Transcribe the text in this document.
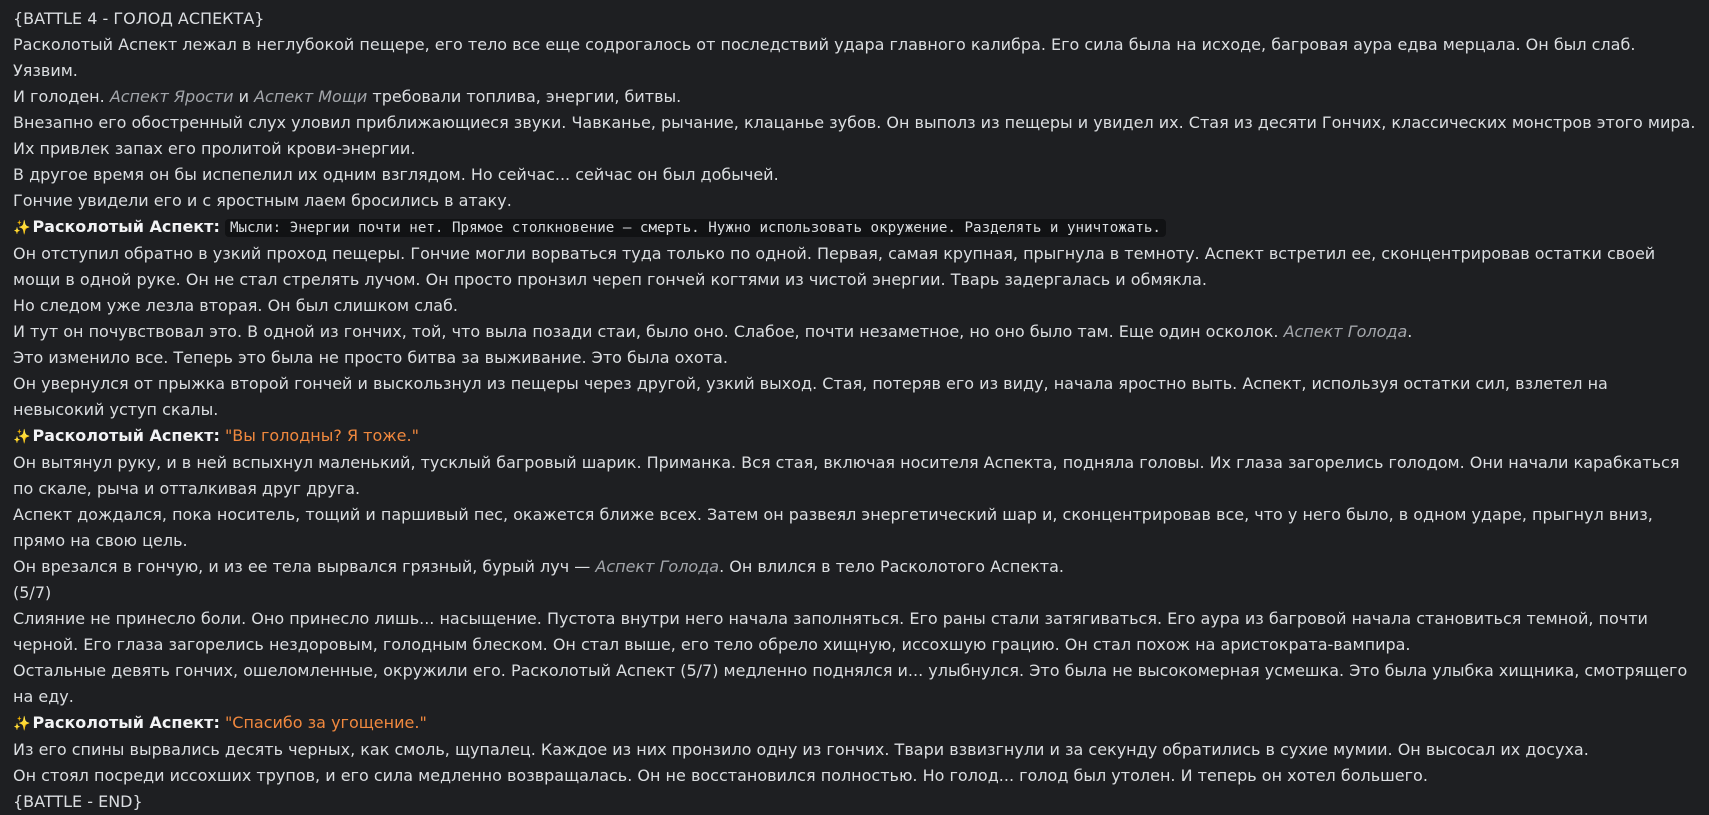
{BATTLE 4 - ГОЛОД АСПЕКТА}

Расколотый Аспект лежал в неглубокой пещере, его тело все еще содрогалось от последствий удара главного калибра. Его сила была на исходе, багровая аура едва мерцала. Он был слаб. Уязвим.

И голоден. Аспект Ярости и Аспект Мощи требовали топлива, энергии, битвы.

Внезапно его обостренный слух уловил приближающиеся звуки. Чавканье, рычание, клацанье зубов. Он выполз из пещеры и увидел их. Стая из десяти Гончих, классических монстров этого мира. Их привлек запах его пролитой крови-энергии.

В другое время он бы испепелил их одним взглядом. Но сейчас... сейчас он был добычей.

Гончие увидели его и с яростным лаем бросились в атаку.

✨ Расколотый Аспект: Мысли: Энергии почти нет. Прямое столкновение — смерть. Нужно использовать окружение. Разделять и уничтожать.

Он отступил обратно в узкий проход пещеры. Гончие могли ворваться туда только по одной. Первая, самая крупная, прыгнула в темноту. Аспект встретил ее, сконцентрировав остатки своей мощи в одной руке. Он не стал стрелять лучом. Он просто пронзил череп гончей когтями из чистой энергии. Тварь задергалась и обмякла.

Но следом уже лезла вторая. Он был слишком слаб.

И тут он почувствовал это. В одной из гончих, той, что выла позади стаи, было оно. Слабое, почти незаметное, но оно было там. Еще один осколок. Аспект Голода.

Это изменило все. Теперь это была не просто битва за выживание. Это была охота.

Он увернулся от прыжка второй гончей и выскользнул из пещеры через другой, узкий выход. Стая, потеряв его из виду, начала яростно выть. Аспект, используя остатки сил, взлетел на невысокий уступ скалы.

✨ Расколотый Аспект: "Вы голодны? Я тоже."

Он вытянул руку, и в ней вспыхнул маленький, тусклый багровый шарик. Приманка. Вся стая, включая носителя Аспекта, подняла головы. Их глаза загорелись голодом. Они начали карабкаться по скале, рыча и отталкивая друг друга.

Аспект дождался, пока носитель, тощий и паршивый пес, окажется ближе всех. Затем он развеял энергетический шар и, сконцентрировав все, что у него было, в одном ударе, прыгнул вниз, прямо на свою цель.

Он врезался в гончую, и из ее тела вырвался грязный, бурый луч — Аспект Голода. Он влился в тело Расколотого Аспекта.

(5/7)

Слияние не принесло боли. Оно принесло лишь... насыщение. Пустота внутри него начала заполняться. Его раны стали затягиваться. Его аура из багровой начала становиться темной, почти черной. Его глаза загорелись нездоровым, голодным блеском. Он стал выше, его тело обрело хищную, иссохшую грацию. Он стал похож на аристократа-вампира.

Остальные девять гончих, ошеломленные, окружили его. Расколотый Аспект (5/7) медленно поднялся и... улыбнулся. Это была не высокомерная усмешка. Это была улыбка хищника, смотрящего на еду.

✨ Расколотый Аспект: "Спасибо за угощение."

Из его спины вырвались десять черных, как смоль, щупалец. Каждое из них пронзило одну из гончих. Твари взвизгнули и за секунду обратились в сухие мумии. Он высосал их досуха.

Он стоял посреди иссохших трупов, и его сила медленно возвращалась. Он не восстановился полностью. Но голод... голод был утолен. И теперь он хотел большего.

{BATTLE - END}
